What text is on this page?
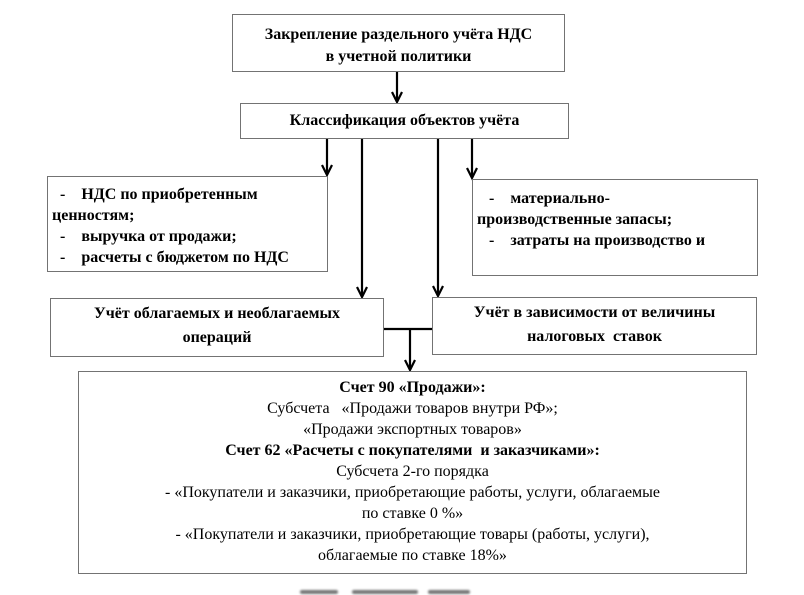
Закрепление раздельного учёта НДС
в учетной политики
Классификация объектов учёта
-    НДС по приобретенным
ценностям;
-    выручка от продажи;
-    расчеты с бюджетом по НДС
-    материально-
производственные запасы;
-    затраты на производство и
Учёт облагаемых и необлагаемых
операций
Учёт в зависимости от величины
налоговых  ставок
Счет 90 «Продажи»:
Субсчета   «Продажи товаров внутри РФ»;
«Продажи экспортных товаров»
Счет 62 «Расчеты с покупателями  и заказчиками»:
Субсчета 2-го порядка
- «Покупатели и заказчики, приобретающие работы, услуги, облагаемые
по ставке 0 %»
- «Покупатели и заказчики, приобретающие товары (работы, услуги),
облагаемые по ставке 18%»
